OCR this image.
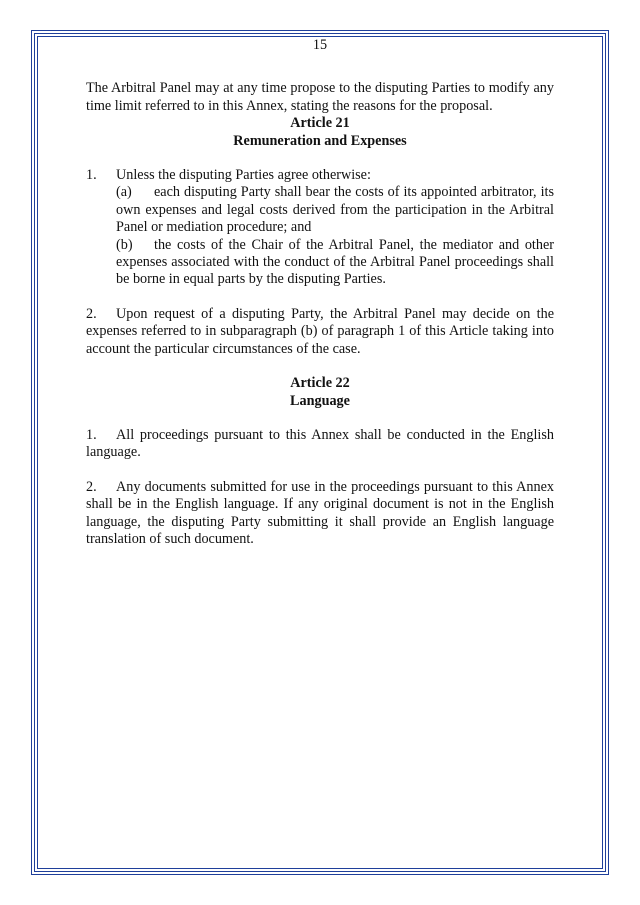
15

The Arbitral Panel may at any time propose to the disputing Parties to modify any time limit referred to in this Annex, stating the reasons for the proposal.

Article 21

Remuneration and Expenses

1. Unless the disputing Parties agree otherwise:

(a) each disputing Party shall bear the costs of its appointed arbitrator, its own expenses and legal costs derived from the participation in the Arbitral Panel or mediation procedure; and

(b) the costs of the Chair of the Arbitral Panel, the mediator and other expenses associated with the conduct of the Arbitral Panel proceedings shall be borne in equal parts by the disputing Parties.

2. Upon request of a disputing Party, the Arbitral Panel may decide on the expenses referred to in subparagraph (b) of paragraph 1 of this Article taking into account the particular circumstances of the case.

Article 22

Language

1. All proceedings pursuant to this Annex shall be conducted in the English language.

2. Any documents submitted for use in the proceedings pursuant to this Annex shall be in the English language. If any original document is not in the English language, the disputing Party submitting it shall provide an English language translation of such document.
